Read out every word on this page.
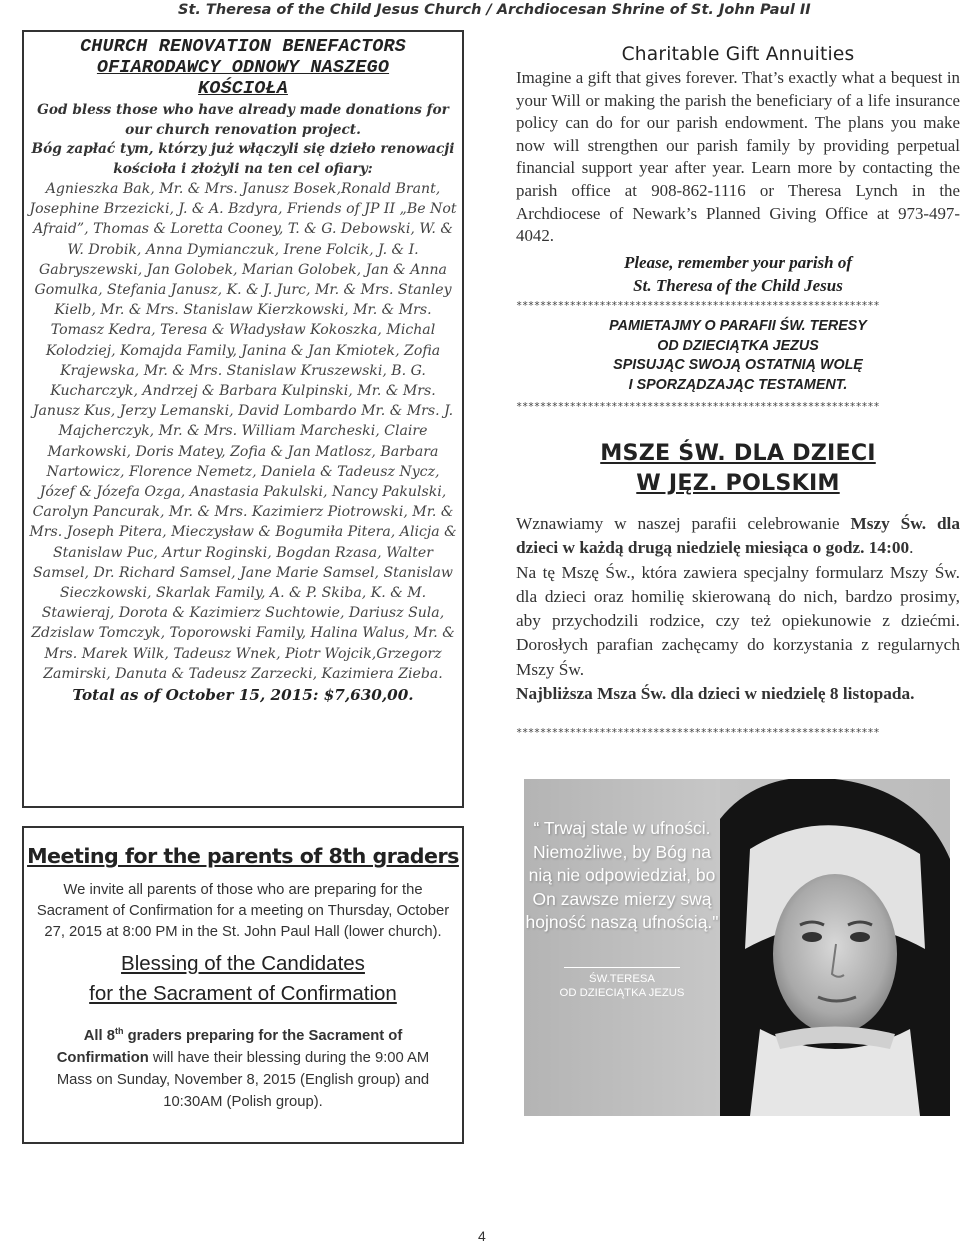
St. Theresa of the Child Jesus Church / Archdiocesan Shrine of St. John Paul II
CHURCH RENOVATION BENEFACTORS
OFIARODAWCY ODNOWY NASZEGO
KOŚCIOŁA
God bless those who have already made donations for our church renovation project.
Bóg zapłać tym, którzy już włączyli się dzieło renowacji kościoła i złożyli na ten cel ofiary:
Agnieszka Bak, Mr. & Mrs. Janusz Bosek,Ronald Brant, Josephine Brzezicki, J. & A. Bzdyra, Friends of JP II „Be Not Afraid”, Thomas & Loretta Cooney, T. & G. Debowski, W. & W. Drobik, Anna Dymianczuk, Irene Folcik, J. & I. Gabryszewski, Jan Golobek, Marian Golobek, Jan & Anna Gomulka, Stefania Janusz, K. & J. Jurc, Mr. & Mrs. Stanley Kielb, Mr. & Mrs. Stanislaw Kierzkowski, Mr. & Mrs. Tomasz Kedra, Teresa & Władysław Kokoszka, Michal Kolodziej, Komajda Family, Janina & Jan Kmiotek, Zofia Krajewska, Mr. & Mrs. Stanislaw Kruszewski, B. G. Kucharczyk, Andrzej & Barbara Kulpinski, Mr. & Mrs. Janusz Kus, Jerzy Lemanski, David Lombardo Mr. & Mrs. J. Majcherczyk, Mr. & Mrs. William Marcheski, Claire Markowski, Doris Matey, Zofia & Jan Matlosz, Barbara Nartowicz, Florence Nemetz, Daniela & Tadeusz Nycz, Józef & Józefa Ozga, Anastasia Pakulski, Nancy Pakulski, Carolyn Pancurak, Mr. & Mrs. Kazimierz Piotrowski, Mr. & Mrs. Joseph Pitera, Mieczysław & Bogumiła Pitera, Alicja & Stanislaw Puc, Artur Roginski, Bogdan Rzasa, Walter Samsel, Dr. Richard Samsel, Jane Marie Samsel, Stanislaw Sieczkowski, Skarlak Family, A. & P. Skiba, K. & M. Stawieraj, Dorota & Kazimierz Suchtowie, Dariusz Sula, Zdzislaw Tomczyk, Toporowski Family, Halina Walus, Mr. & Mrs. Marek Wilk, Tadeusz Wnek, Piotr Wojcik,Grzegorz Zamirski, Danuta & Tadeusz Zarzecki, Kazimiera Zieba.
Total as of October 15, 2015: $7,630,00.
Meeting for the parents of 8th graders
We invite all parents of those who are preparing for the Sacrament of Confirmation for a meeting on Thursday, October 27, 2015 at 8:00 PM in the St. John Paul Hall (lower church).
Blessing of the Candidates
for the Sacrament of Confirmation
All 8th graders preparing for the Sacrament of Confirmation will have their blessing during the 9:00 AM Mass on Sunday, November 8, 2015 (English group) and 10:30AM (Polish group).
Charitable Gift Annuities
Imagine a gift that gives forever. That’s exactly what a bequest in your Will or making the parish the beneficiary of a life insurance policy can do for our parish endowment. The plans you make now will strengthen our parish family by providing perpetual financial support year after year. Learn more by contacting the parish office at 908-862-1116 or Theresa Lynch in the Archdiocese of Newark’s Planned Giving Office at 973-497-4042.
Please, remember your parish of
St. Theresa of the Child Jesus
*************************************************************
PAMIETAJMY O PARAFII ŚW. TERESY
OD DZIECIĄTKA JEZUS
SPISUJĄC SWOJĄ OSTATNIĄ WOLĘ
I SPORZĄDZAJĄC TESTAMENT.
*************************************************************
MSZE ŚW. DLA DZIECI
W JĘZ. POLSKIM

Wznawiamy w naszej parafii celebrowanie Mszy Św. dla dzieci w każdą drugą niedzielę miesiąca o godz. 14:00.

Na tę Mszę Św., która zawiera specjalny formularz Mszy Św. dla dzieci oraz homilię skierowaną do nich, bardzo prosimy, aby przychodzili rodzice, czy też opiekunowie z dziećmi. Dorosłych parafian zachęcamy do korzystania z regularnych Mszy Św.

Najbliższa Msza Św. dla dzieci w niedzielę 8 listopada.

*************************************************************
“ Trwaj stale w ufności. Niemożliwe, by Bóg na nią nie odpowiedział, bo On zawsze mierzy swą hojność naszą ufnością."
ŚW.TERESA
OD DZIECIĄTKA JEZUS
4
